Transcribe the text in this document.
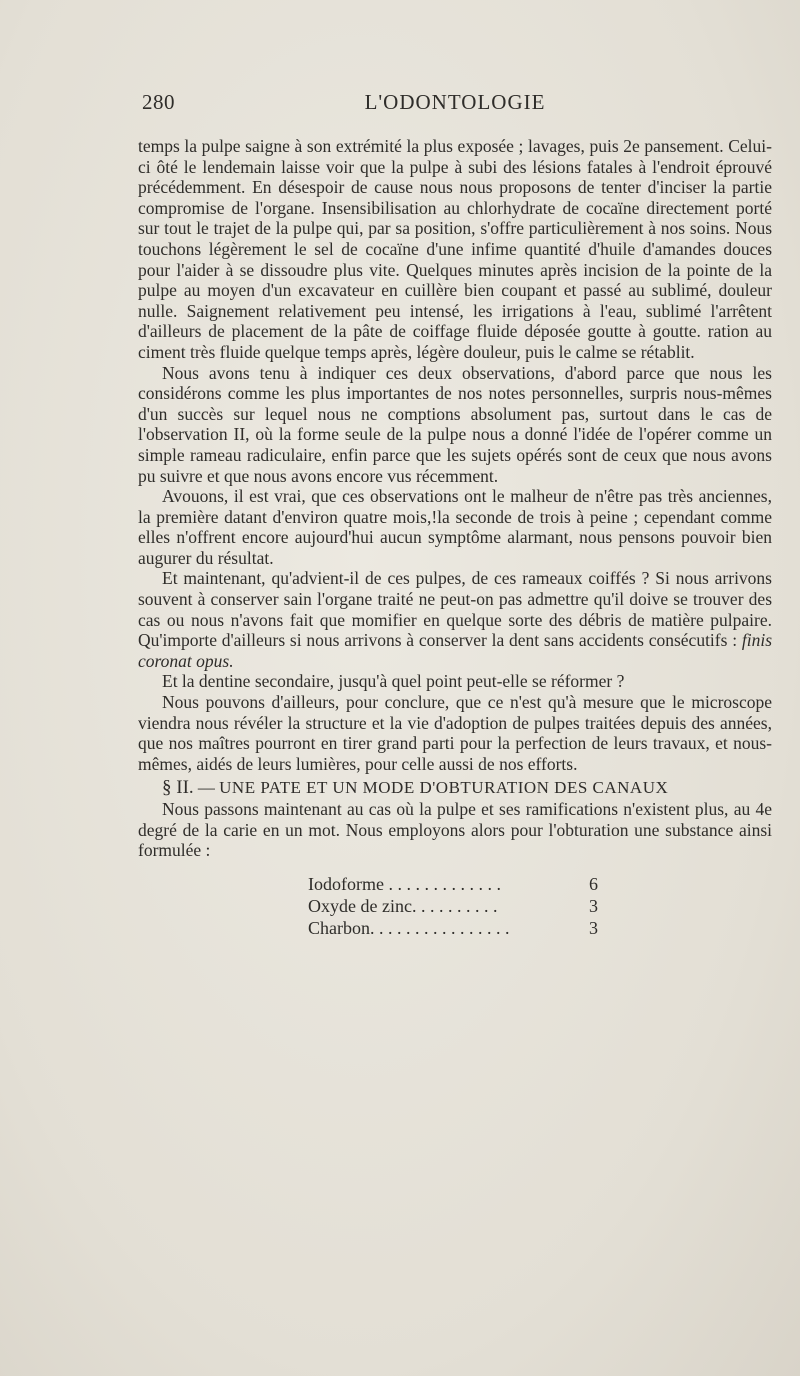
280	L'ODONTOLOGIE

temps la pulpe saigne à son extrémité la plus exposée ; lavages, puis 2e pansement. Celui-ci ôté le lendemain laisse voir que la pulpe à subi des lésions fatales à l'endroit éprouvé précédemment. En désespoir de cause nous nous proposons de tenter d'inciser la partie compromise de l'organe. Insensibilisation au chlorhydrate de cocaïne directement porté sur tout le trajet de la pulpe qui, par sa position, s'offre particulièrement à nos soins. Nous touchons légèrement le sel de cocaïne d'une infime quantité d'huile d'amandes douces pour l'aider à se dissoudre plus vite. Quelques minutes après incision de la pointe de la pulpe au moyen d'un excavateur en cuillère bien coupant et passé au sublimé, douleur nulle. Saignement relativement peu intensé, les irrigations à l'eau, sublimé l'arrêtent d'ailleurs de placement de la pâte de coiffage fluide déposée goutte à goutte. ration au ciment très fluide quelque temps après, légère douleur, puis le calme se rétablit.

Nous avons tenu à indiquer ces deux observations, d'abord parce que nous les considérons comme les plus importantes de nos notes personnelles, surpris nous-mêmes d'un succès sur lequel nous ne comptions absolument pas, surtout dans le cas de l'observation II, où la forme seule de la pulpe nous a donné l'idée de l'opérer comme un simple rameau radiculaire, enfin parce que les sujets opérés sont de ceux que nous avons pu suivre et que nous avons encore vus récemment.

Avouons, il est vrai, que ces observations ont le malheur de n'être pas très anciennes, la première datant d'environ quatre mois,!la seconde de trois à peine ; cependant comme elles n'offrent encore aujourd'hui aucun symptôme alarmant, nous pensons pouvoir bien augurer du résultat.

Et maintenant, qu'advient-il de ces pulpes, de ces rameaux coiffés ? Si nous arrivons souvent à conserver sain l'organe traité ne peut-on pas admettre qu'il doive se trouver des cas ou nous n'avons fait que momifier en quelque sorte des débris de matière pulpaire. Qu'importe d'ailleurs si nous arrivons à conserver la dent sans accidents consécutifs : finis coronat opus.

Et la dentine secondaire, jusqu'à quel point peut-elle se réformer ?

Nous pouvons d'ailleurs, pour conclure, que ce n'est qu'à mesure que le microscope viendra nous révéler la structure et la vie d'adoption de pulpes traitées depuis des années, que nos maîtres pourront en tirer grand parti pour la perfection de leurs travaux, et nous-mêmes, aidés de leurs lumières, pour celle aussi de nos efforts.

§ II. — UNE PATE ET UN MODE D'OBTURATION DES CANAUX

Nous passons maintenant au cas où la pulpe et ses ramifications n'existent plus, au 4e degré de la carie en un mot. Nous employons alors pour l'obturation une substance ainsi formulée :

Iodoforme . . . . . . . . . . . . .	6
Oxyde de zinc. . . . . . . . . .	3
Charbon. . . . . . . . . . . . . . . .	3
